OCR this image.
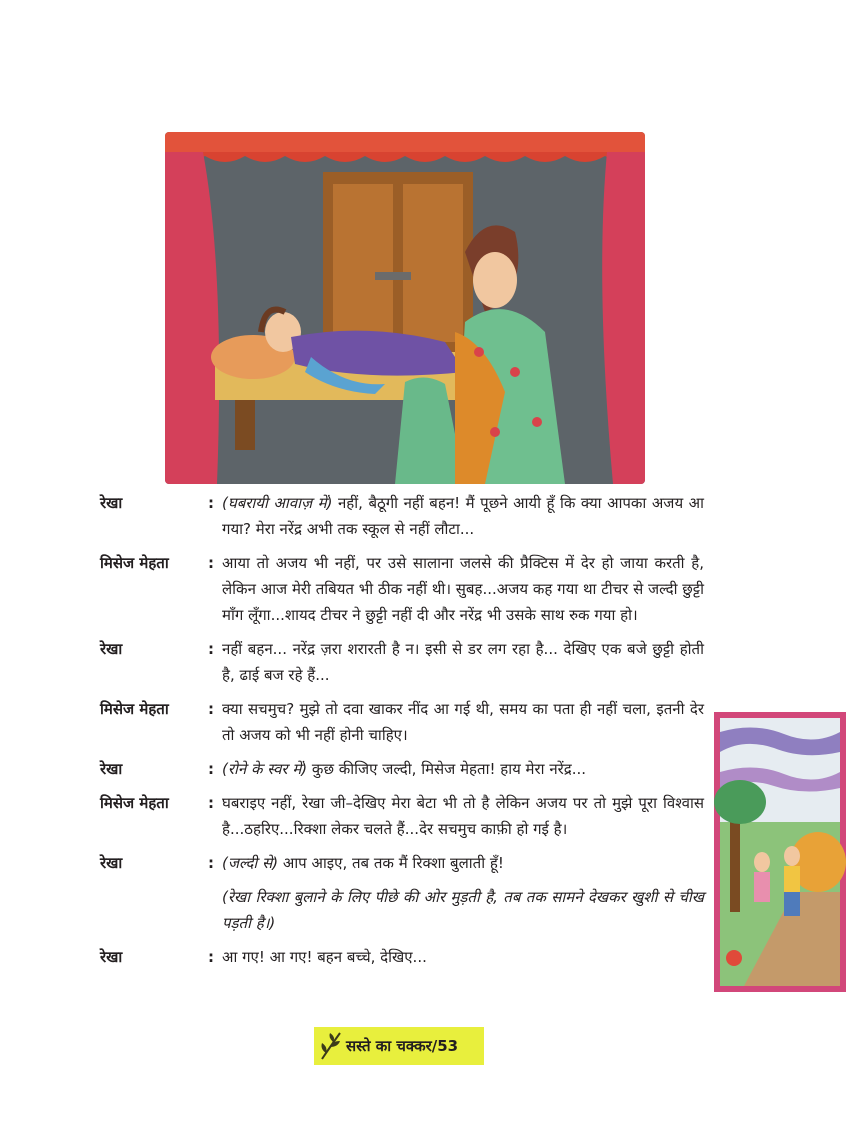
रेखा	: (घबरायी आवाज़ में) नहीं, बैठूगी नहीं बहन! मैं पूछने आयी हूँ कि क्या आपका अजय आ गया? मेरा नरेंद्र अभी तक स्कूल से नहीं लौटा...
मिसेज मेहता	: आया तो अजय भी नहीं, पर उसे सालाना जलसे की प्रैक्टिस में देर हो जाया करती है, लेकिन आज मेरी तबियत भी ठीक नहीं थी। सुबह...अजय कह गया था टीचर से जल्दी छुट्टी माँग लूँगा...शायद टीचर ने छुट्टी नहीं दी और नरेंद्र भी उसके साथ रुक गया हो।
रेखा	: नहीं बहन... नरेंद्र ज़रा शरारती है न। इसी से डर लग रहा है... देखिए एक बजे छुट्टी होती है, ढाई बज रहे हैं...
मिसेज मेहता	: क्या सचमुच? मुझे तो दवा खाकर नींद आ गई थी, समय का पता ही नहीं चला, इतनी देर तो अजय को भी नहीं होनी चाहिए।
रेखा	: (रोने के स्वर में) कुछ कीजिए जल्दी, मिसेज मेहता! हाय मेरा नरेंद्र...
मिसेज मेहता	: घबराइए नहीं, रेखा जी–देखिए मेरा बेटा भी तो है लेकिन अजय पर तो मुझे पूरा विश्वास है...ठहरिए...रिक्शा लेकर चलते हैं...देर सचमुच काफ़ी हो गई है।
रेखा	: (जल्दी से) आप आइए, तब तक मैं रिक्शा बुलाती हूँ!
(रेखा रिक्शा बुलाने के लिए पीछे की ओर मुड़ती है, तब तक सामने देखकर खुशी से चीख पड़ती है।)
रेखा	: आ गए! आ गए! बहन बच्चे, देखिए...
सस्ते का चक्कर/53
